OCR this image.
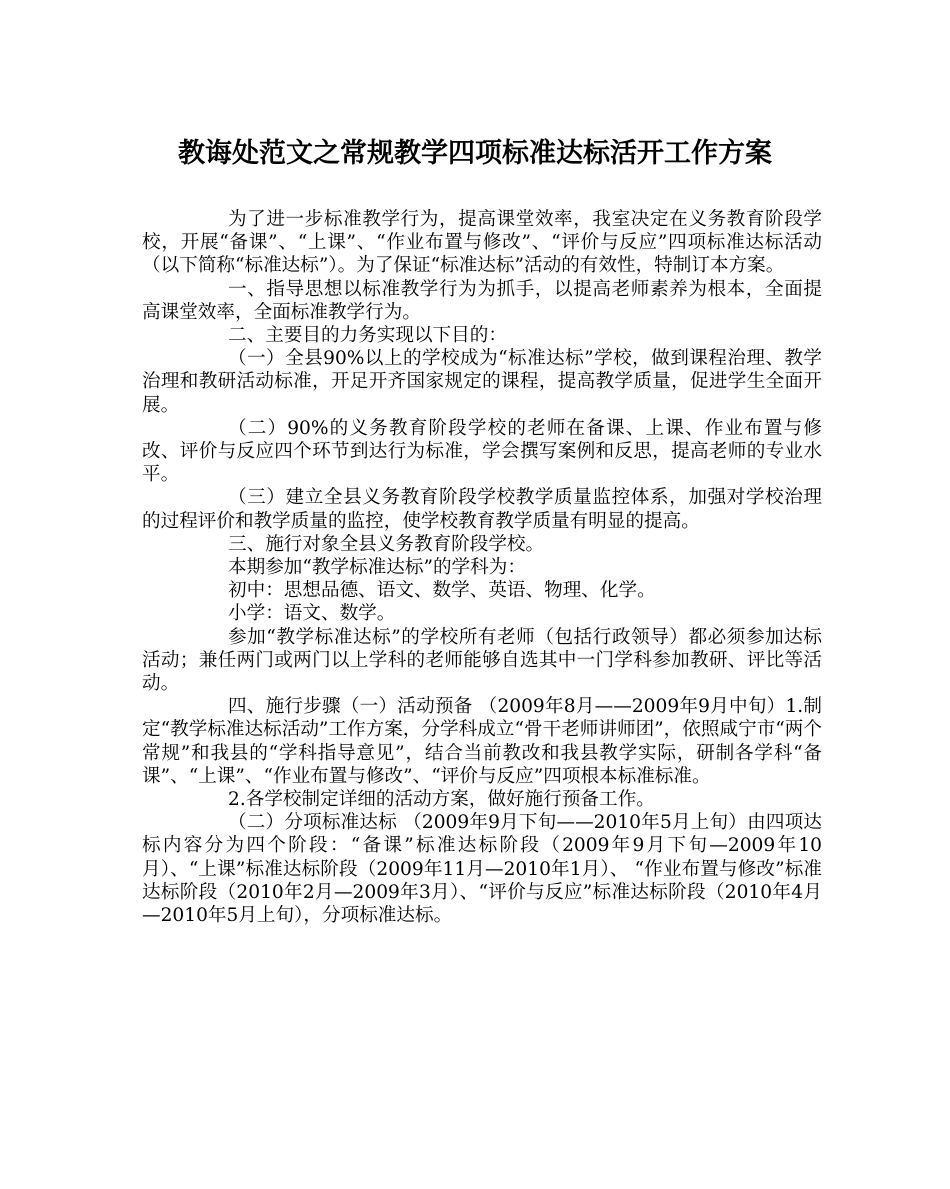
教诲处范文之常规教学四项标准达标活开工作方案

为了进一步标准教学行为，提高课堂效率，我室决定在义务教育阶段学校，开展“备课”、“上课”、“作业布置与修改”、“评价与反应”四项标准达标活动（以下简称“标准达标”）。为了保证“标准达标”活动的有效性，特制订本方案。

一、指导思想以标准教学行为为抓手，以提高老师素养为根本，全面提高课堂效率，全面标准教学行为。

二、主要目的力务实现以下目的：

（一）全县90%以上的学校成为“标准达标”学校，做到课程治理、教学治理和教研活动标准，开足开齐国家规定的课程，提高教学质量，促进学生全面开展。

（二）90%的义务教育阶段学校的老师在备课、上课、作业布置与修改、评价与反应四个环节到达行为标准，学会撰写案例和反思，提高老师的专业水平。

（三）建立全县义务教育阶段学校教学质量监控体系，加强对学校治理的过程评价和教学质量的监控，使学校教育教学质量有明显的提高。

三、施行对象全县义务教育阶段学校。

本期参加“教学标准达标”的学科为：

初中：思想品德、语文、数学、英语、物理、化学。

小学：语文、数学。

参加“教学标准达标”的学校所有老师（包括行政领导）都必须参加达标活动；兼任两门或两门以上学科的老师能够自选其中一门学科参加教研、评比等活动。

四、施行步骤（一）活动预备 （2009年8月——2009年9月中旬）1.制定“教学标准达标活动”工作方案，分学科成立“骨干老师讲师团”，依照咸宁市“两个常规”和我县的“学科指导意见”，结合当前教改和我县教学实际，研制各学科“备课”、“上课”、“作业布置与修改”、“评价与反应”四项根本标准标准。

2.各学校制定详细的活动方案，做好施行预备工作。

（二）分项标准达标 （2009年9月下旬——2010年5月上旬）由四项达标内容分为四个阶段：“备课”标准达标阶段（2009年9月下旬—2009年10月）、“上课”标准达标阶段（2009年11月—2010年1月）、 “作业布置与修改”标准达标阶段（2010年2月—2009年3月）、“评价与反应”标准达标阶段（2010年4月—2010年5月上旬），分项标准达标。
